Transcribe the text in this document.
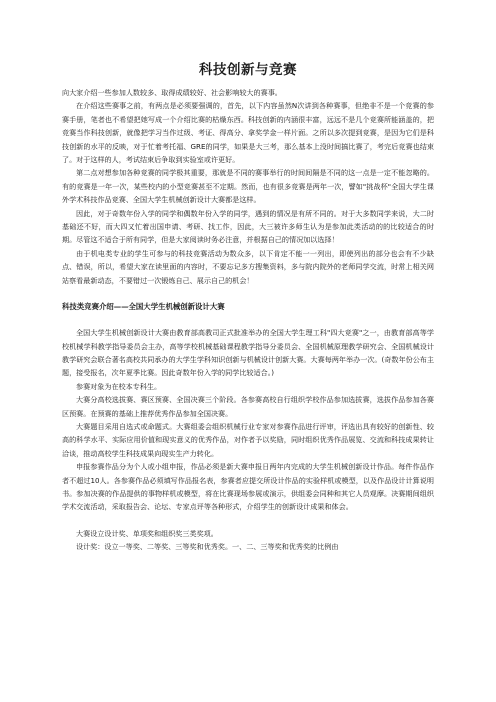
科技创新与竞赛

向大家介绍一些参加人数较多、取得成绩较好、社会影响较大的赛事。

在介绍这些赛事之前，有两点是必须要强调的，首先，以下内容虽然N次讲到各种赛事，但绝非不是一个竞赛的参赛手册，笔者也不希望把她写成一个介绍比赛的枯燥东西。科技创新的内涵很丰富，远远不是几个竞赛所能涵盖的，把竞赛当作科技创新，就像把学习当作过级、考证、得高分、拿奖学金一样片面。之所以多次提到竞赛，是因为它们是科技创新的水平的反映，对于忙着考托福、GRE的同学，如果是大三考，那么基本上没时间搞比赛了，考完后竞赛也结束了。对于这样的人，考试结束后争取到实验室或许更好。

第二点对想参加各种竞赛的同学极其重要，那就是不同的赛事举行的时间间隔是不同的这一点是一定不能忽略的。有的竞赛是一年一次，某些校内的小型竞赛甚至不定期。然而，也有很多竞赛是两年一次，譬如"挑战杯"全国大学生课外学术科技作品竞赛、全国大学生机械创新设计大赛都是这样。

因此，对于奇数年份入学的同学和偶数年份入学的同学，遇到的情况是有所不同的。对于大多数同学来说，大二时基础还不好，而大四又忙着出国申请、考研、找工作，因此，大三被许多师生认为是参加此类活动的的比较适合的时期。尽管这不适合于所有同学，但是大家阅读时务必注意，并根据自己的情况加以选择！

由于机电类专业的学生可参与的科技竞赛活动为数众多，以下肯定不能一一列出，即使列出的部分也会有不少缺点、错误，所以，希望大家在读里面的内容时，不要忘记多方搜集资料，多与院内院外的老师同学交流，时常上相关网站察看最新动态，不要错过一次锻炼自己、展示自己的机会！

科技类竞赛介绍——全国大学生机械创新设计大赛

全国大学生机械创新设计大赛由教育部高教司正式批准举办的全国大学生理工科"四大竞赛"之一，由教育部高等学校机械学科教学指导委员会主办，高等学校机械基础课程教学指导分委员会、全国机械原理教学研究会、全国机械设计教学研究会联合著名高校共同承办的大学生学科知识创新与机械设计创新大赛。大赛每两年举办一次。(奇数年份公布主题，接受报名，次年夏季比赛。因此奇数年份入学的同学比较适合。)

参赛对象为在校本专科生。

大赛分高校选拔赛、赛区预赛、全国决赛三个阶段。各参赛高校自行组织学校作品参加选拔赛，选拔作品参加各赛区预赛。在预赛的基础上推荐优秀作品参加全国决赛。

大赛题目采用自选式或命题式。大赛组委会组织机械行业专家对参赛作品进行评审，评选出具有较好的创新性、较高的科学水平、实际应用价值和现实意义的优秀作品，对作者予以奖励，同时组织优秀作品展览、交流和科技成果转让洽谈，推动高校学生科技成果向现实生产力转化。

申报参赛作品分为个人或小组申报，作品必须是新大赛申报日两年内完成的大学生机械创新设计作品。每件作品作者不超过10人。各参赛作品必须填写作品报名表，参赛者应提交所设计作品的实验样机或模型，以及作品设计计算说明书。参加决赛的作品提供的事物样机或模型，将在比赛现场参展或演示，供组委会同种和其它人员观摩。决赛期间组织学术交流活动，采取报告会、论坛、专家点评等各种形式，介绍学生的创新设计成果和体会。

大赛设立设计奖、单项奖和组织奖三类奖项。

设计奖：设立一等奖、二等奖、三等奖和优秀奖。一、二、三等奖和优秀奖的比例由
